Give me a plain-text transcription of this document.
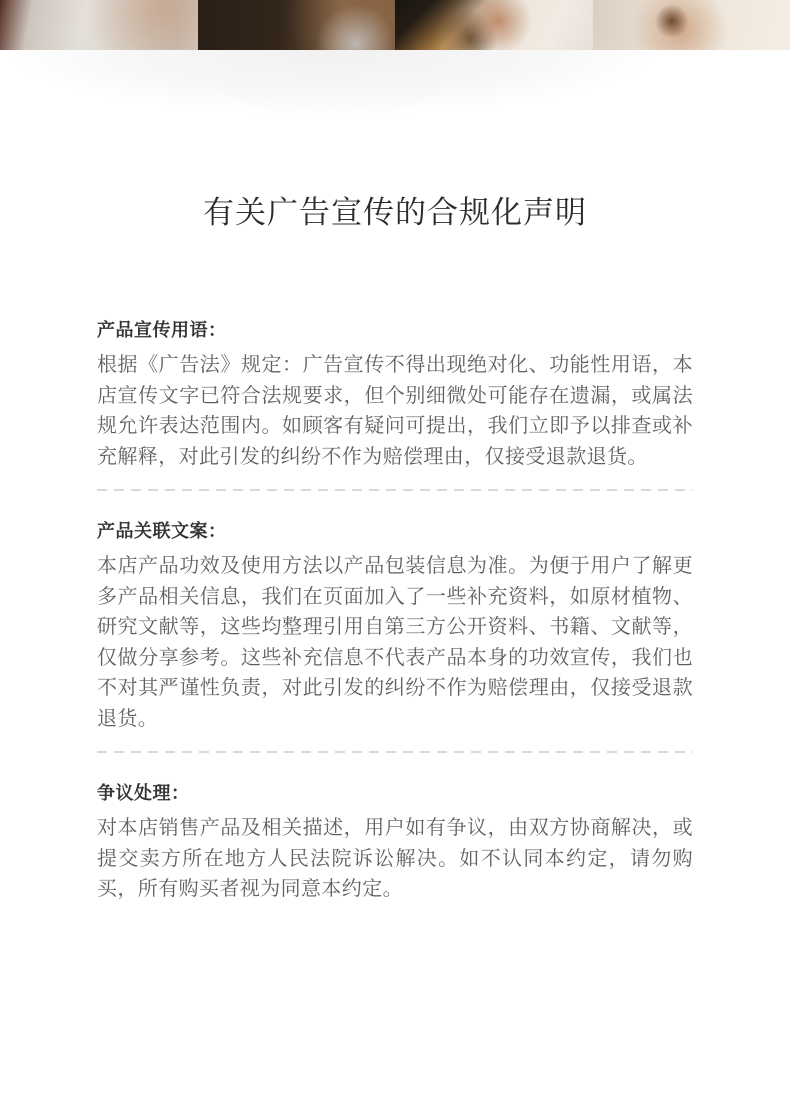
有关广告宣传的合规化声明
产品宣传用语：

根据《广告法》规定：广告宣传不得出现绝对化、功能性用语，本店宣传文字已符合法规要求，但个别细微处可能存在遗漏，或属法规允许表达范围内。如顾客有疑问可提出，我们立即予以排查或补充解释，对此引发的纠纷不作为赔偿理由，仅接受退款退货。

产品关联文案：

本店产品功效及使用方法以产品包装信息为准。为便于用户了解更多产品相关信息，我们在页面加入了一些补充资料，如原材植物、研究文献等，这些均整理引用自第三方公开资料、书籍、文献等，仅做分享参考。这些补充信息不代表产品本身的功效宣传，我们也不对其严谨性负责，对此引发的纠纷不作为赔偿理由，仅接受退款退货。

争议处理：

对本店销售产品及相关描述，用户如有争议，由双方协商解决，或提交卖方所在地方人民法院诉讼解决。如不认同本约定，请勿购买，所有购买者视为同意本约定。
